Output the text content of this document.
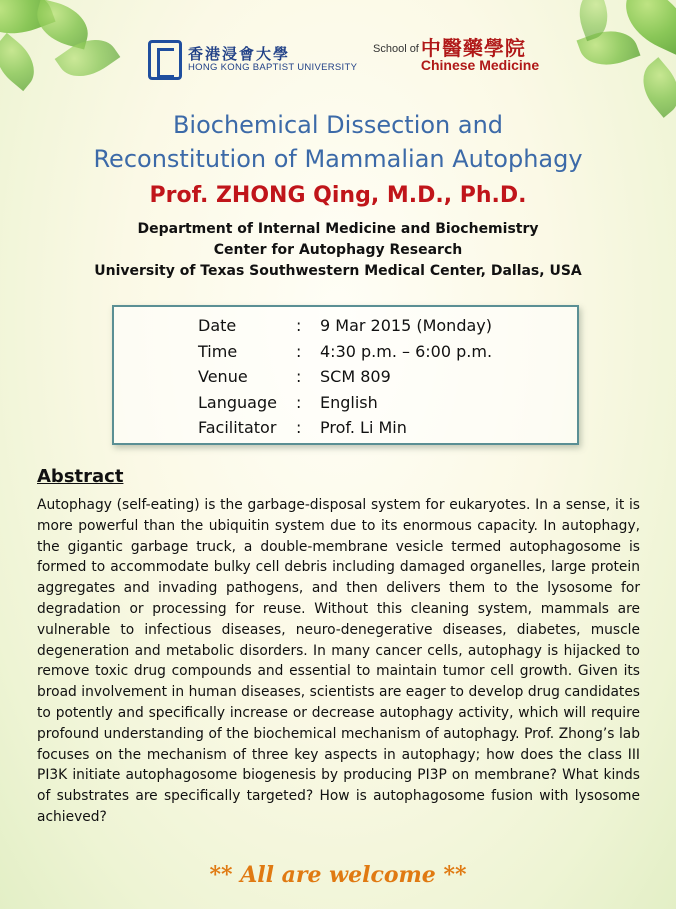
香港浸會大學
HONG KONG BAPTIST UNIVERSITY
School of 中醫藥學院
Chinese Medicine
Biochemical Dissection and
Reconstitution of Mammalian Autophagy
Prof. ZHONG Qing, M.D., Ph.D.
Department of Internal Medicine and Biochemistry
Center for Autophagy Research
University of Texas Southwestern Medical Center, Dallas, USA
Date	:	9 Mar 2015 (Monday)
Time	:	4:30 p.m. – 6:00 p.m.
Venue	:	SCM 809
Language	:	English
Facilitator	:	Prof. Li Min
Abstract
Autophagy (self-eating) is the garbage-disposal system for eukaryotes. In a sense, it is more powerful than the ubiquitin system due to its enormous capacity. In autophagy, the gigantic garbage truck, a double-membrane vesicle termed autophagosome is formed to accommodate bulky cell debris including damaged organelles, large protein aggregates and invading pathogens, and then delivers them to the lysosome for degradation or processing for reuse. Without this cleaning system, mammals are vulnerable to infectious diseases, neuro-denegerative diseases, diabetes, muscle degeneration and metabolic disorders. In many cancer cells, autophagy is hijacked to remove toxic drug compounds and essential to maintain tumor cell growth. Given its broad involvement in human diseases, scientists are eager to develop drug candidates to potently and specifically increase or decrease autophagy activity, which will require profound understanding of the biochemical mechanism of autophagy. Prof. Zhong’s lab focuses on the mechanism of three key aspects in autophagy; how does the class III PI3K initiate autophagosome biogenesis by producing PI3P on membrane? What kinds of substrates are specifically targeted? How is autophagosome fusion with lysosome achieved?
** All are welcome **
